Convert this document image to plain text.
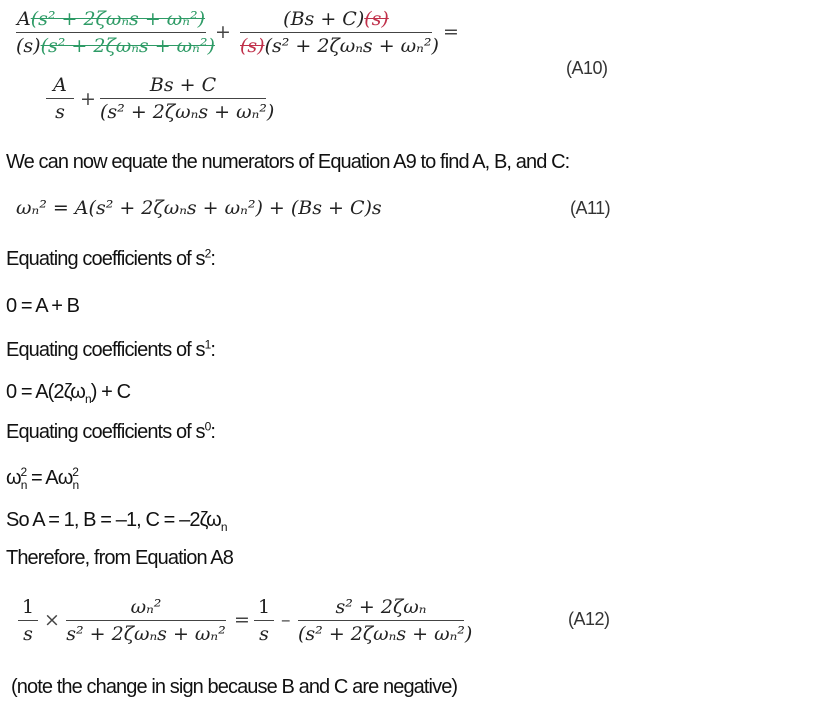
A(s² + 2ζωₙs + ωₙ²)
(s)(s² + 2ζωₙs + ωₙ²)
+
(Bs + C)(s)
(s)(s² + 2ζωₙs + ωₙ²)
=
A
s
+
Bs + C
(s² + 2ζωₙs + ωₙ²)
(A10)
We can now equate the numerators of Equation A9 to find A, B, and C:
ωₙ² = A(s² + 2ζωₙs + ωₙ²) + (Bs + C)s	(A11)
Equating coefficients of $s^2$:
0 = A + B
Equating coefficients of $s^1$:
$0 = A(2\zeta\omega_n) + C$
Equating coefficients of $s^0$:
$\omega_n^2 = A\omega_n^2$
So A = 1, B = –1, $C = -2\zeta\omega_n$
Therefore, from Equation A8
1
s
×
ωₙ²
s² + 2ζωₙs + ωₙ²
=
1
s
–
s² + 2ζωₙ
(s² + 2ζωₙs + ωₙ²)
(A12)
(note the change in sign because B and C are negative)
